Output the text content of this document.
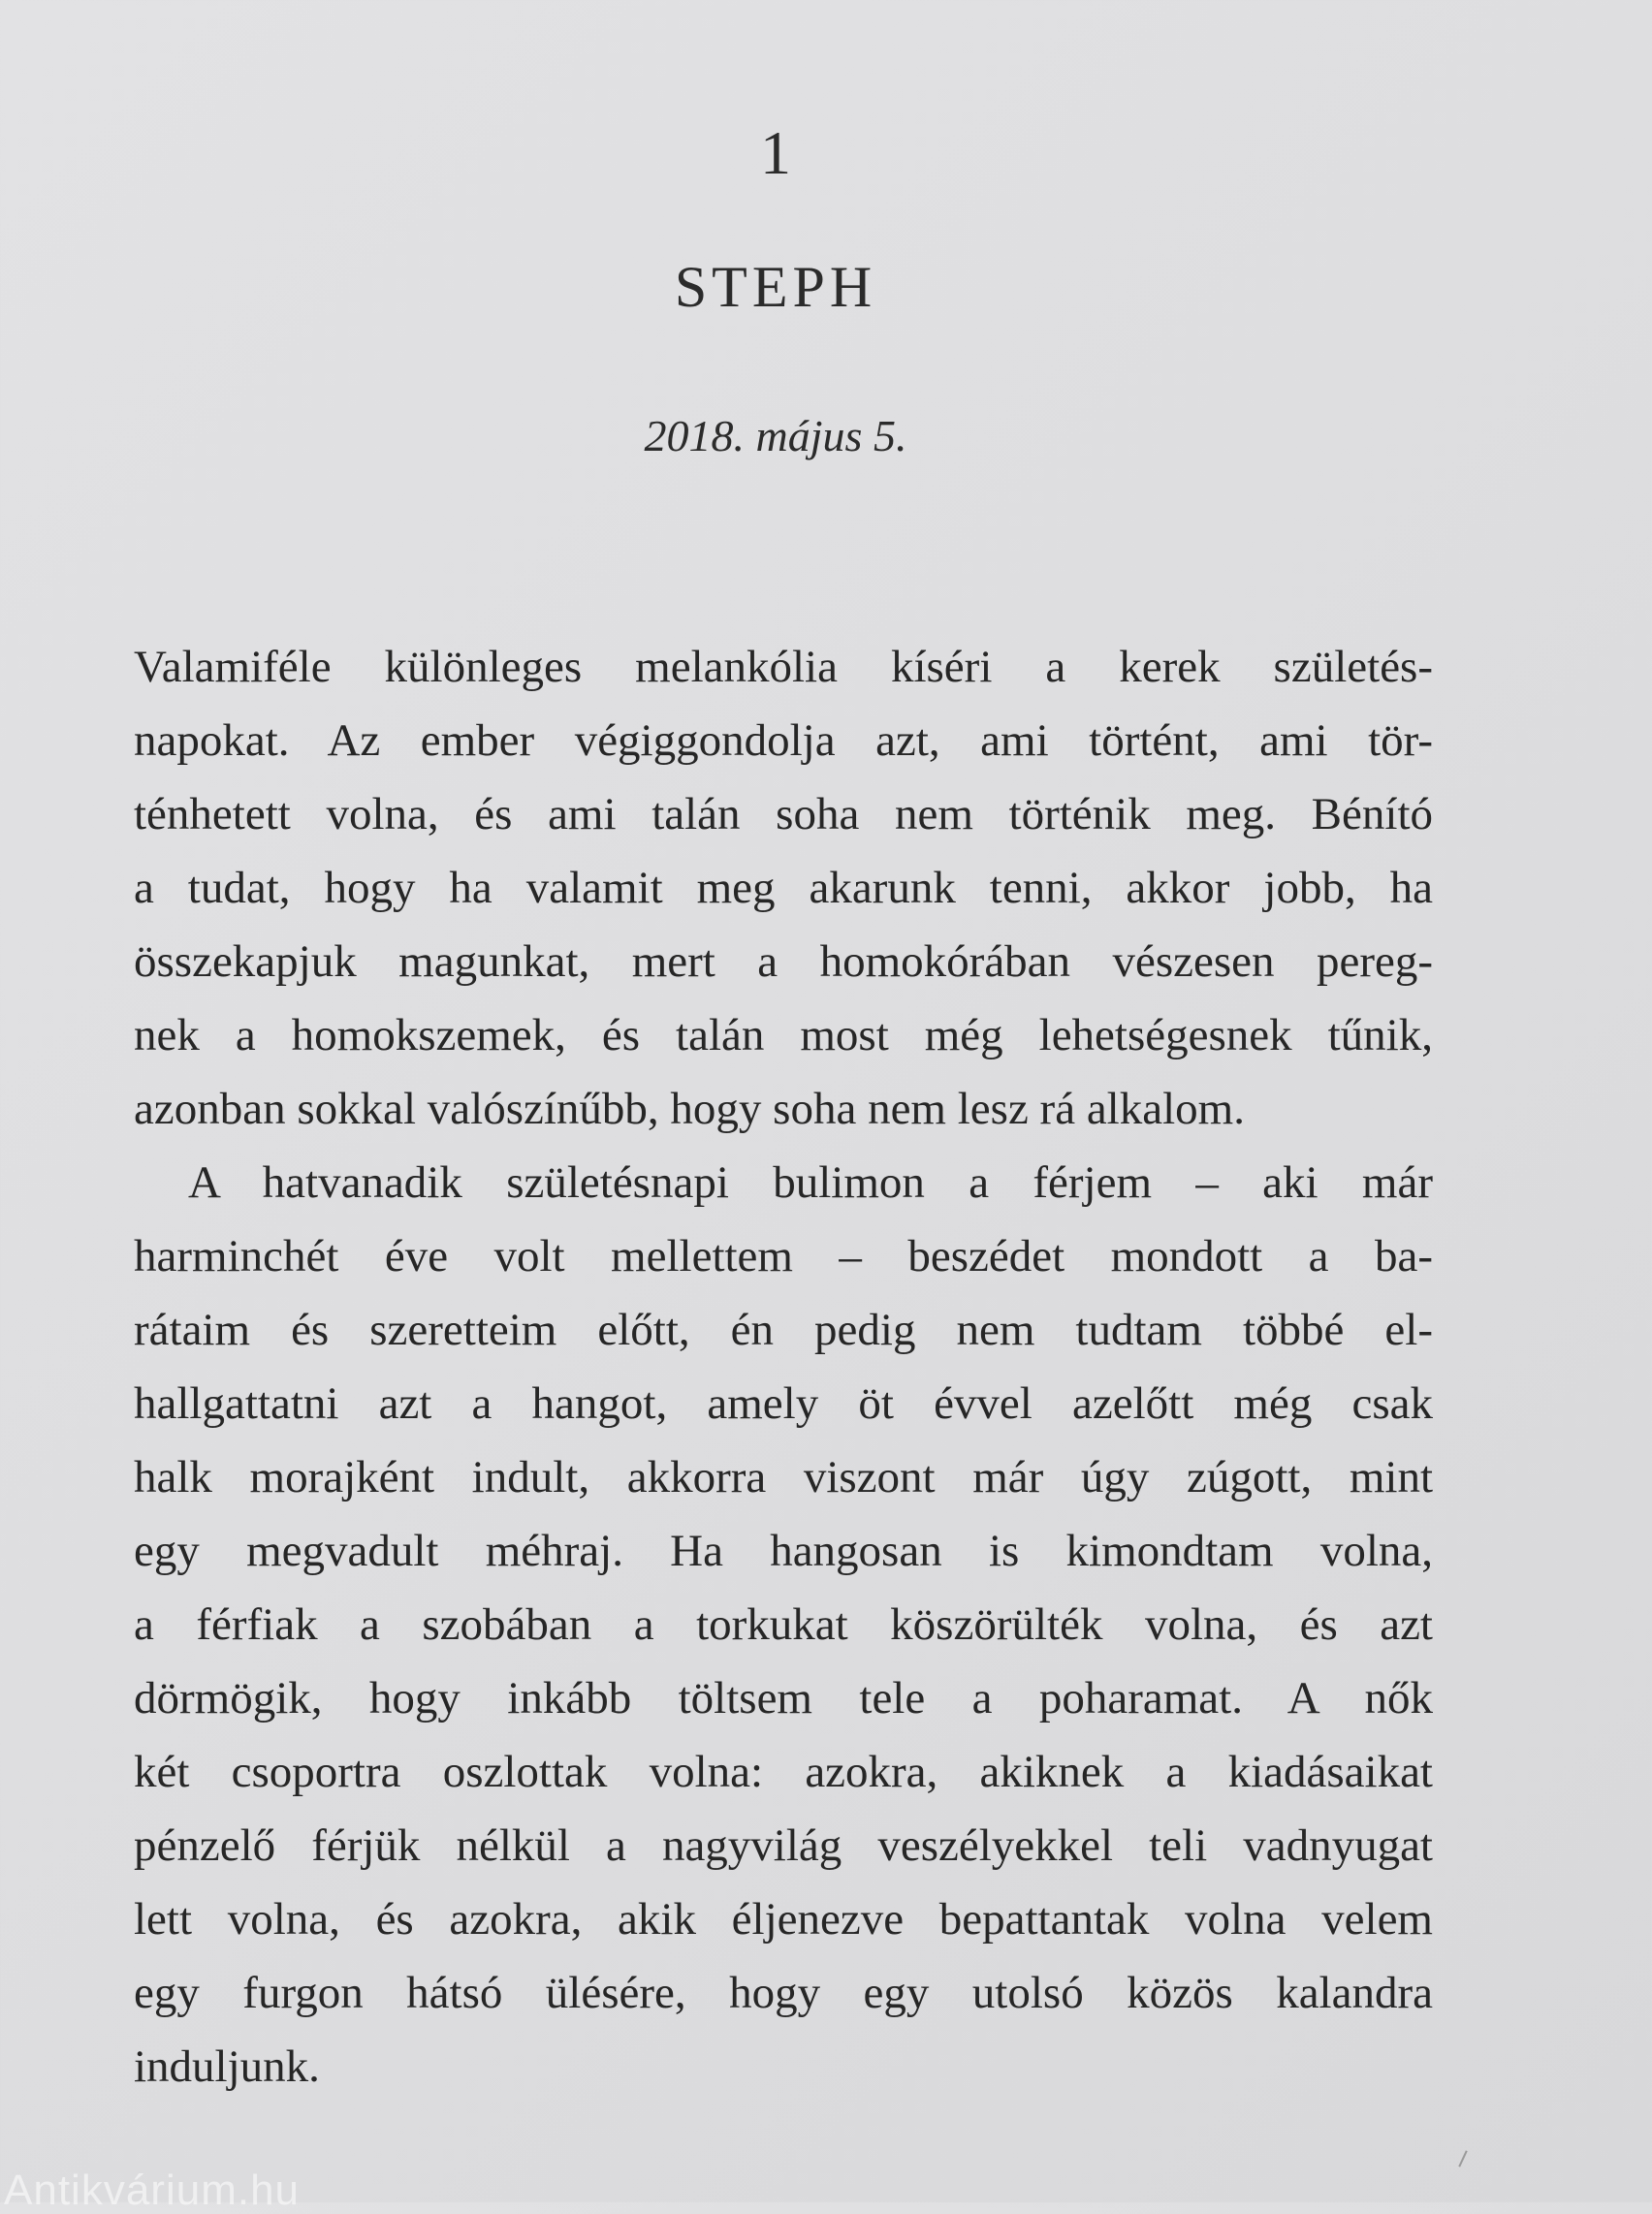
1
STEPH
2018. május 5.
Valamiféle különleges melankólia kíséri a kerek születés-
napokat. Az ember végiggondolja azt, ami történt, ami tör-
ténhetett volna, és ami talán soha nem történik meg. Bénító
a tudat, hogy ha valamit meg akarunk tenni, akkor jobb, ha
összekapjuk magunkat, mert a homokórában vészesen pereg-
nek a homokszemek, és talán most még lehetségesnek tűnik,
azonban sokkal valószínűbb, hogy soha nem lesz rá alkalom.
A hatvanadik születésnapi bulimon a férjem – aki már
harminchét éve volt mellettem – beszédet mondott a ba-
rátaim és szeretteim előtt, én pedig nem tudtam többé el-
hallgattatni azt a hangot, amely öt évvel azelőtt még csak
halk morajként indult, akkorra viszont már úgy zúgott, mint
egy megvadult méhraj. Ha hangosan is kimondtam volna,
a férfiak a szobában a torkukat köszörülték volna, és azt
dörmögik, hogy inkább töltsem tele a poharamat. A nők
két csoportra oszlottak volna: azokra, akiknek a kiadásaikat
pénzelő férjük nélkül a nagyvilág veszélyekkel teli vadnyugat
lett volna, és azokra, akik éljenezve bepattantak volna velem
egy furgon hátsó ülésére, hogy egy utolsó közös kalandra
induljunk.
Antikvárium.hu
